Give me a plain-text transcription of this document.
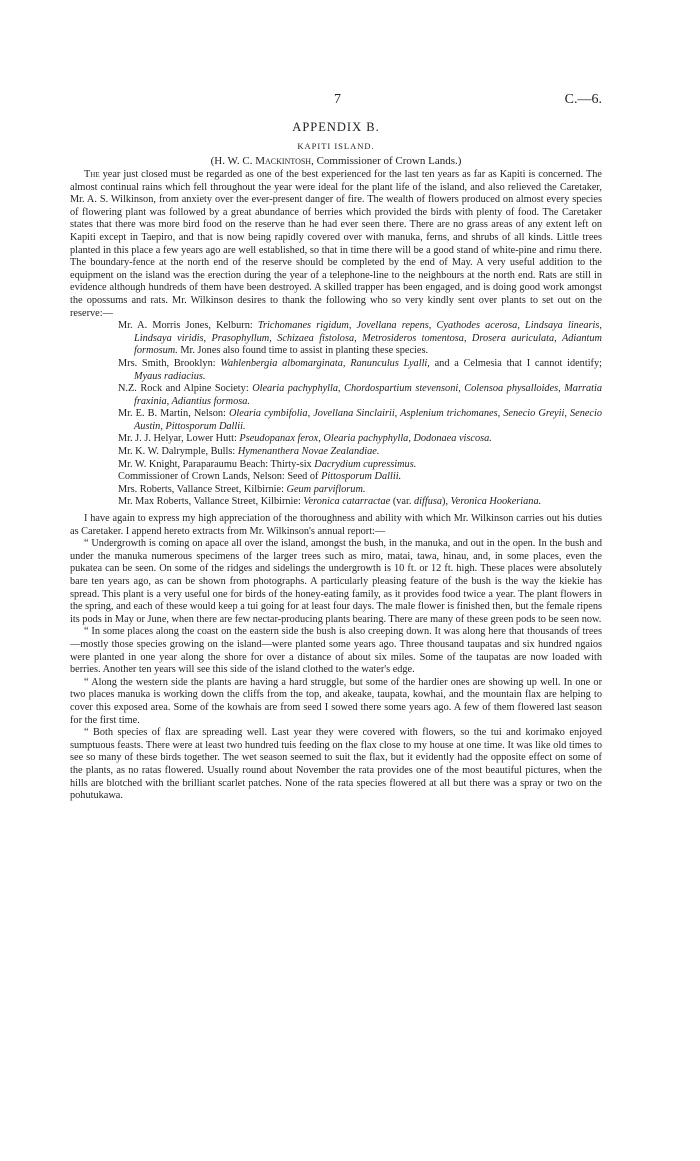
7	C.—6.
APPENDIX B.
KAPITI ISLAND.
(H. W. C. Mackintosh, Commissioner of Crown Lands.)

The year just closed must be regarded as one of the best experienced for the last ten years as far as Kapiti is concerned. The almost continual rains which fell throughout the year were ideal for the plant life of the island, and also relieved the Caretaker, Mr. A. S. Wilkinson, from anxiety over the ever-present danger of fire. The wealth of flowers produced on almost every species of flowering plant was followed by a great abundance of berries which provided the birds with plenty of food. The Caretaker states that there was more bird food on the reserve than he had ever seen there. There are no grass areas of any extent left on Kapiti except in Taepiro, and that is now being rapidly covered over with manuka, ferns, and shrubs of all kinds. Little trees planted in this place a few years ago are well established, so that in time there will be a good stand of white-pine and rimu there. The boundary-fence at the north end of the reserve should be completed by the end of May. A very useful addition to the equipment on the island was the erection during the year of a telephone-line to the neighbours at the north end. Rats are still in evidence although hundreds of them have been destroyed. A skilled trapper has been engaged, and is doing good work amongst the opossums and rats. Mr. Wilkinson desires to thank the following who so very kindly sent over plants to set out on the reserve:—

Mr. A. Morris Jones, Kelburn: Trichomanes rigidum, Jovellana repens, Cyathodes acerosa, Lindsaya linearis, Lindsaya viridis, Prasophyllum, Schizaea fistolosa, Metrosideros tomentosa, Drosera auriculata, Adiantum formosum. Mr. Jones also found time to assist in planting these species.
Mrs. Smith, Brooklyn: Wahlenbergia albomarginata, Ranunculus Lyalli, and a Celmesia that I cannot identify; Myaus radiacius.
N.Z. Rock and Alpine Society: Olearia pachyphylla, Chordospartium stevensoni, Colensoa physalloides, Marratia fraxinia, Adiantius formosa.
Mr. E. B. Martin, Nelson: Olearia cymbifolia, Jovellana Sinclairii, Asplenium trichomanes, Senecio Greyii, Senecio Austin, Pittosporum Dallii.
Mr. J. J. Helyar, Lower Hutt: Pseudopanax ferox, Olearia pachyphylla, Dodonaea viscosa.
Mr. K. W. Dalrymple, Bulls: Hymenanthera Novae Zealandiae.
Mr. W. Knight, Paraparaumu Beach: Thirty-six Dacrydium cupressimus.
Commissioner of Crown Lands, Nelson: Seed of Pittosporum Dallii.
Mrs. Roberts, Vallance Street, Kilbirnie: Geum parviflorum.
Mr. Max Roberts, Vallance Street, Kilbirnie: Veronica catarractae (var. diffusa), Veronica Hookeriana.

I have again to express my high appreciation of the thoroughness and ability with which Mr. Wilkinson carries out his duties as Caretaker. I append hereto extracts from Mr. Wilkinson's annual report:—

“ Undergrowth is coming on apace all over the island, amongst the bush, in the manuka, and out in the open. In the bush and under the manuka numerous specimens of the larger trees such as miro, matai, tawa, hinau, and, in some places, even the pukatea can be seen. On some of the ridges and sidelings the undergrowth is 10 ft. or 12 ft. high. These places were absolutely bare ten years ago, as can be shown from photographs. A particularly pleasing feature of the bush is the way the kiekie has spread. This plant is a very useful one for birds of the honey-eating family, as it provides food twice a year. The plant flowers in the spring, and each of these would keep a tui going for at least four days. The male flower is finished then, but the female ripens its pods in May or June, when there are few nectar-producing plants bearing. There are many of these green pods to be seen now.

“ In some places along the coast on the eastern side the bush is also creeping down. It was along here that thousands of trees—mostly those species growing on the island—were planted some years ago. Three thousand taupatas and six hundred ngaios were planted in one year along the shore for over a distance of about six miles. Some of the taupatas are now loaded with berries. Another ten years will see this side of the island clothed to the water's edge.

“ Along the western side the plants are having a hard struggle, but some of the hardier ones are showing up well. In one or two places manuka is working down the cliffs from the top, and akeake, taupata, kowhai, and the mountain flax are helping to cover this exposed area. Some of the kowhais are from seed I sowed there some years ago. A few of them flowered last season for the first time.

“ Both species of flax are spreading well. Last year they were covered with flowers, so the tui and korimako enjoyed sumptuous feasts. There were at least two hundred tuis feeding on the flax close to my house at one time. It was like old times to see so many of these birds together. The wet season seemed to suit the flax, but it evidently had the opposite effect on some of the plants, as no ratas flowered. Usually round about November the rata provides one of the most beautiful pictures, when the hills are blotched with the brilliant scarlet patches. None of the rata species flowered at all but there was a spray or two on the pohutukawa.
